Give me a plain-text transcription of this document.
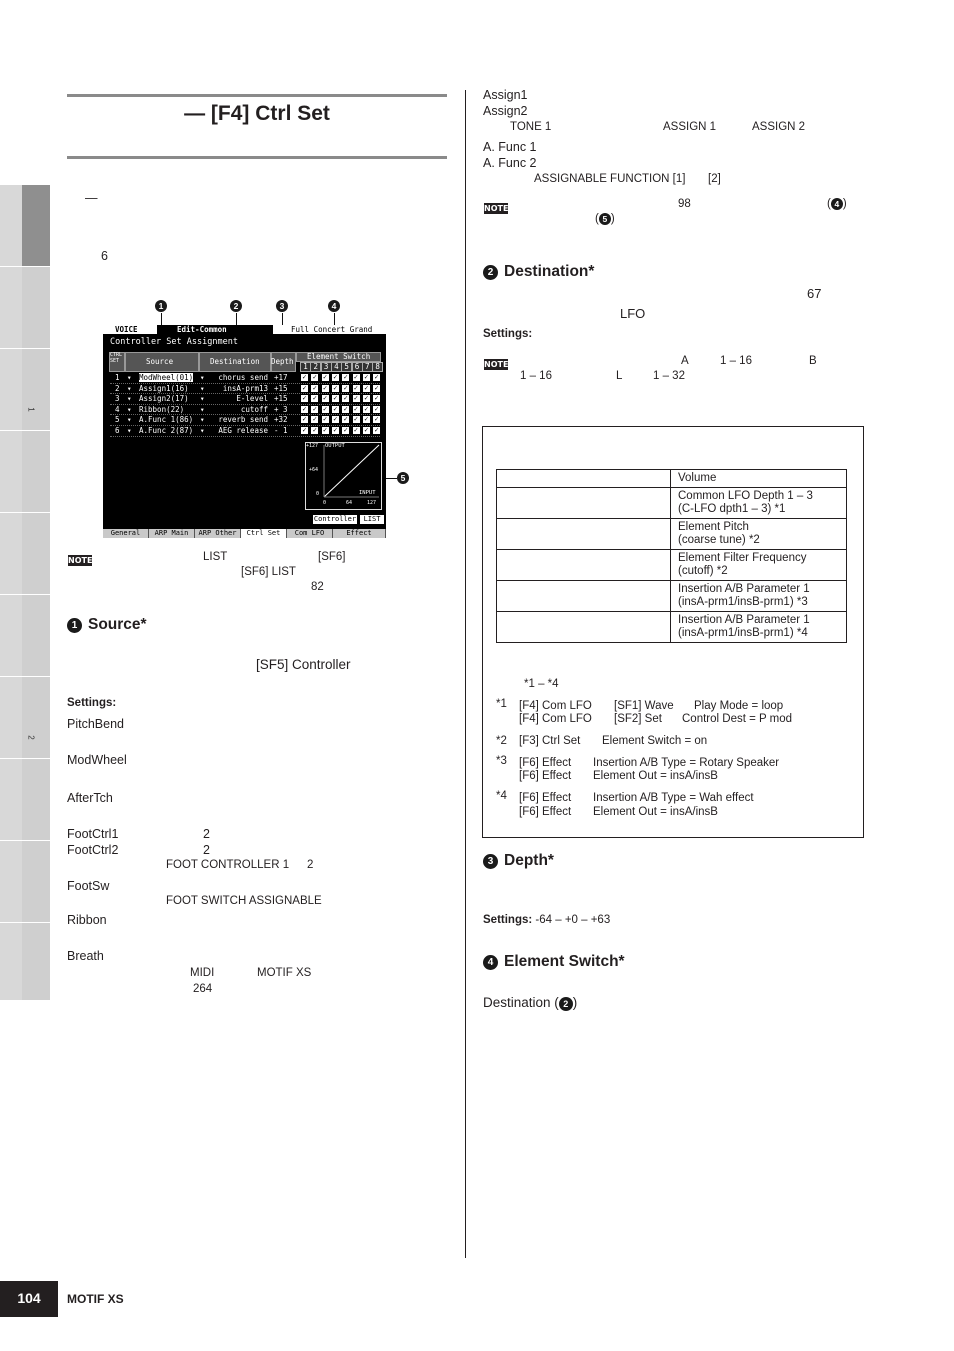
1
2
— [F4] Ctrl Set
—
6
1	2	3	4
5
VOICE	Edit-Common	Full Concert Grand
Controller Set Assignment
CTRL
SET	Source	Destination Depth
Element Switch
1 2 3 4 5 6 7 8
1 ▾ ModWheel(01) ▾	chorus send +17 ✓ ✓ ✓ ✓ ✓ ✓ ✓ ✓
2 ▾ Assign1(16) ▾	insA-prm13 +15 ✓ ✓ ✓ ✓ ✓ ✓ ✓ ✓
3 ▾ Assign2(17) ▾	E-level +15 ✓ ✓ ✓ ✓ ✓ ✓ ✓ ✓
4 ▾ Ribbon(22) ▾	cutoff + 3 ✓ ✓ ✓ ✓ ✓ ✓ ✓ ✓
5 ▾ A.Func 1(86) ▾	reverb send +32 ✓ ✓ ✓ ✓ ✓ ✓ ✓ ✓
6 ▾ A.Func 2(87) ▾	AEG release - 1 ✓ ✓ ✓ ✓ ✓ ✓ ✓ ✓
+127
+64
0
OUTPUT
INPUT
0	64	127
Controller	LIST
General	ARP Main	ARP Other	Ctrl Set	Com LFO	Effect
NOTE	LIST	[SF6]
[SF6] LIST
82
1 Source*
[SF5] Controller
Settings:
PitchBend
ModWheel
AfterTch
FootCtrl1	2
FootCtrl2	2
FOOT CONTROLLER 1 2
FootSw
FOOT SWITCH ASSIGNABLE
Ribbon
Breath
MIDI	MOTIF XS
264
Assign1
Assign2
TONE 1	ASSIGN 1	ASSIGN 2
A. Func 1
A. Func 2
ASSIGNABLE FUNCTION [1] [2]
NOTE	98	( 4 )
( 5 )
2 Destination*
67
LFO
Settings:
NOTE	A	1 – 16	B
1 – 16	L	1 – 32

	Volume

	Common LFO Depth 1 – 3
(C-LFO dpth1 – 3) *1

	Element Pitch
(coarse tune) *2

	Element Filter Frequency
(cutoff) *2

	Insertion A/B Parameter 1
(insA-prm1/insB-prm1) *3

	Insertion A/B Parameter 1
(insA-prm1/insB-prm1) *4
*1 – *4
*1 [F4] Com LFO [SF1] Wave Play Mode = loop
[F4] Com LFO [SF2] Set Control Dest = P mod
*2 [F3] Ctrl Set Element Switch = on
*3 [F6] Effect Insertion A/B Type = Rotary Speaker
[F6] Effect Element Out = insA/insB
*4 [F6] Effect Insertion A/B Type = Wah effect
[F6] Effect Element Out = insA/insB
3 Depth*
Settings: -64 – +0 – +63
4 Element Switch*
Destination ( 2 )
104	MOTIF XS
